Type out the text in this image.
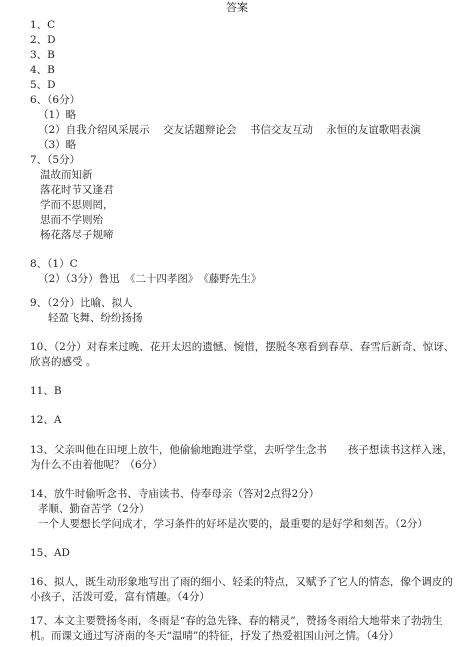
答案
1、C
2、D
3、B
4、B
5、D
6、（6分）
（1）略
（2）自我介绍风采展示 交友话题辩论会 书信交友互动 永恒的友谊歌唱表演
（3）略
7、（5分）
温故而知新
落花时节又逢君
学而不思则罔，
思而不学则殆
杨花落尽子规啼
8、（1）C
（2）（3分）鲁迅　《二十四孝图》　《藤野先生》
9、（2分）比喻、拟人
轻盈飞舞、纷纷扬扬
10、（2分）对春来过晚、花开太迟的遗憾、惋惜，摆脱冬寒看到春草、春雪后新奇、惊讶、
欣喜的感受 。
11、B
12、A
13、父亲叫他在田埂上放牛，他偷偷地跑进学堂，去听学生念书　　孩子想读书这样入迷，
为什么不由着他呢？（6分）
14、放牛时偷听念书、寺庙读书、侍奉母亲（答对2点得2分）
孝顺、勤奋苦学（2分）
一个人要想长学问成才，学习条件的好坏是次要的，最重要的是好学和刻苦。（2分）
15、AD
16、拟人，既生动形象地写出了雨的细小、轻柔的特点，又赋予了它人的情态，像个调皮的
小孩子，活泼可爱，富有情趣。（4分）
17、本文主要赞扬冬雨，冬雨是“春的急先锋、春的精灵”，赞扬冬雨给大地带来了勃勃生
机。而课文通过写济南的冬天“温晴”的特征，抒发了热爱祖国山河之情。（4分）
